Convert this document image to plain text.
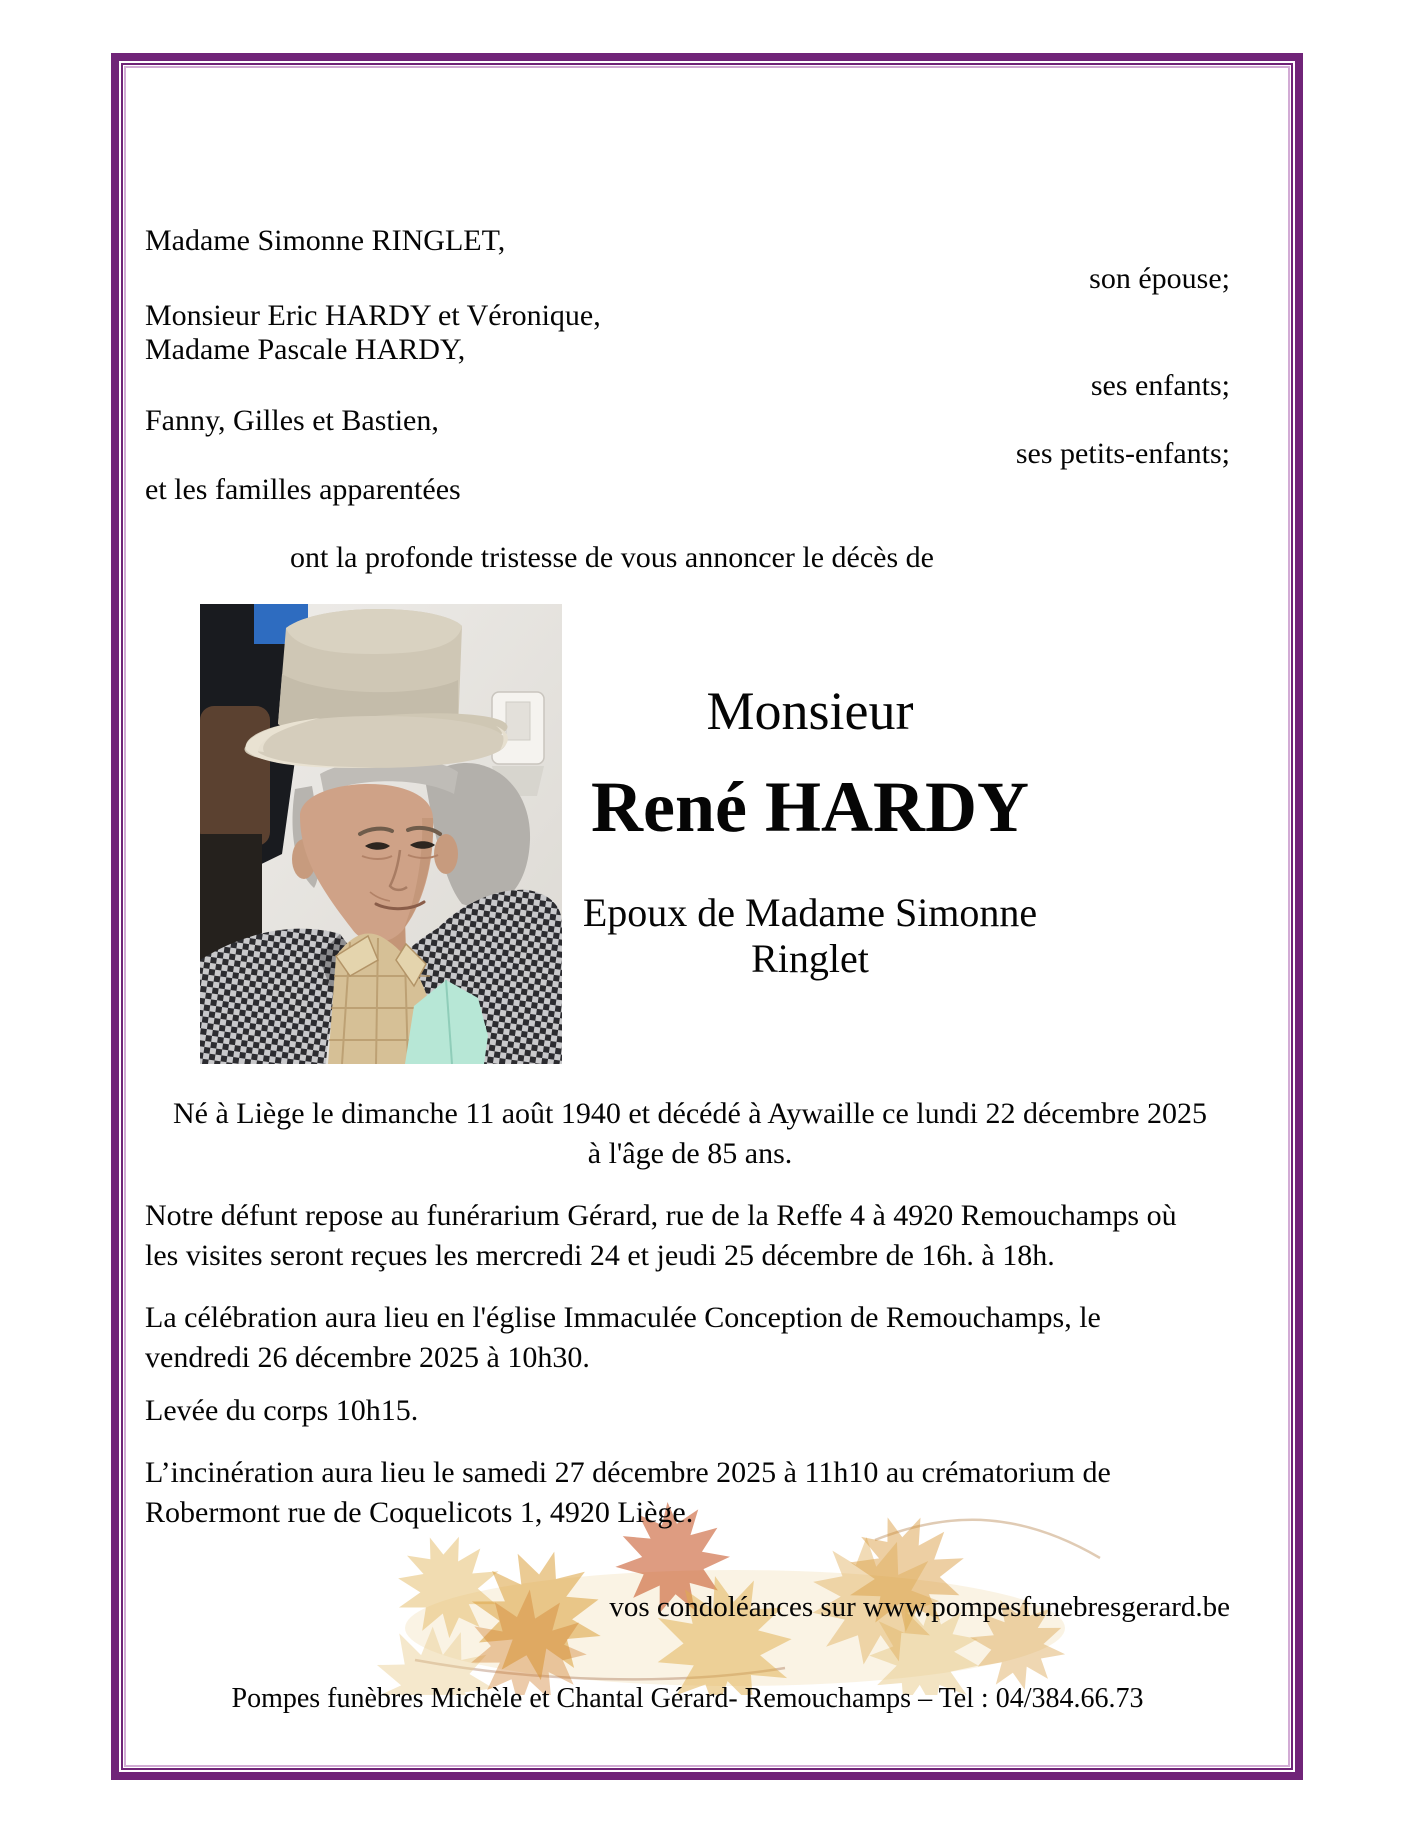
Madame Simonne RINGLET,
son épouse;
Monsieur Eric HARDY et Véronique,
Madame Pascale HARDY,
ses enfants;
Fanny, Gilles et Bastien,
ses petits-enfants;
et les familles apparentées
ont la profonde tristesse de vous annoncer le décès de
Monsieur
René HARDY
Epoux de Madame Simonne Ringlet
Né à Liège le dimanche 11 août 1940 et décédé à Aywaille ce lundi 22 décembre 2025
à l'âge de 85 ans.
Notre défunt repose au funérarium Gérard, rue de la Reffe 4 à 4920 Remouchamps où
les visites seront reçues les mercredi 24 et jeudi 25 décembre de 16h. à 18h.
La célébration aura lieu en l'église Immaculée Conception de Remouchamps, le
vendredi 26 décembre 2025 à 10h30.
Levée du corps 10h15.
L’incinération aura lieu le samedi 27 décembre 2025 à 11h10 au crématorium de
Robermont rue de Coquelicots 1, 4920 Liège.
vos condoléances sur www.pompesfunebresgerard.be
Pompes funèbres Michèle et Chantal Gérard- Remouchamps – Tel : 04/384.66.73
